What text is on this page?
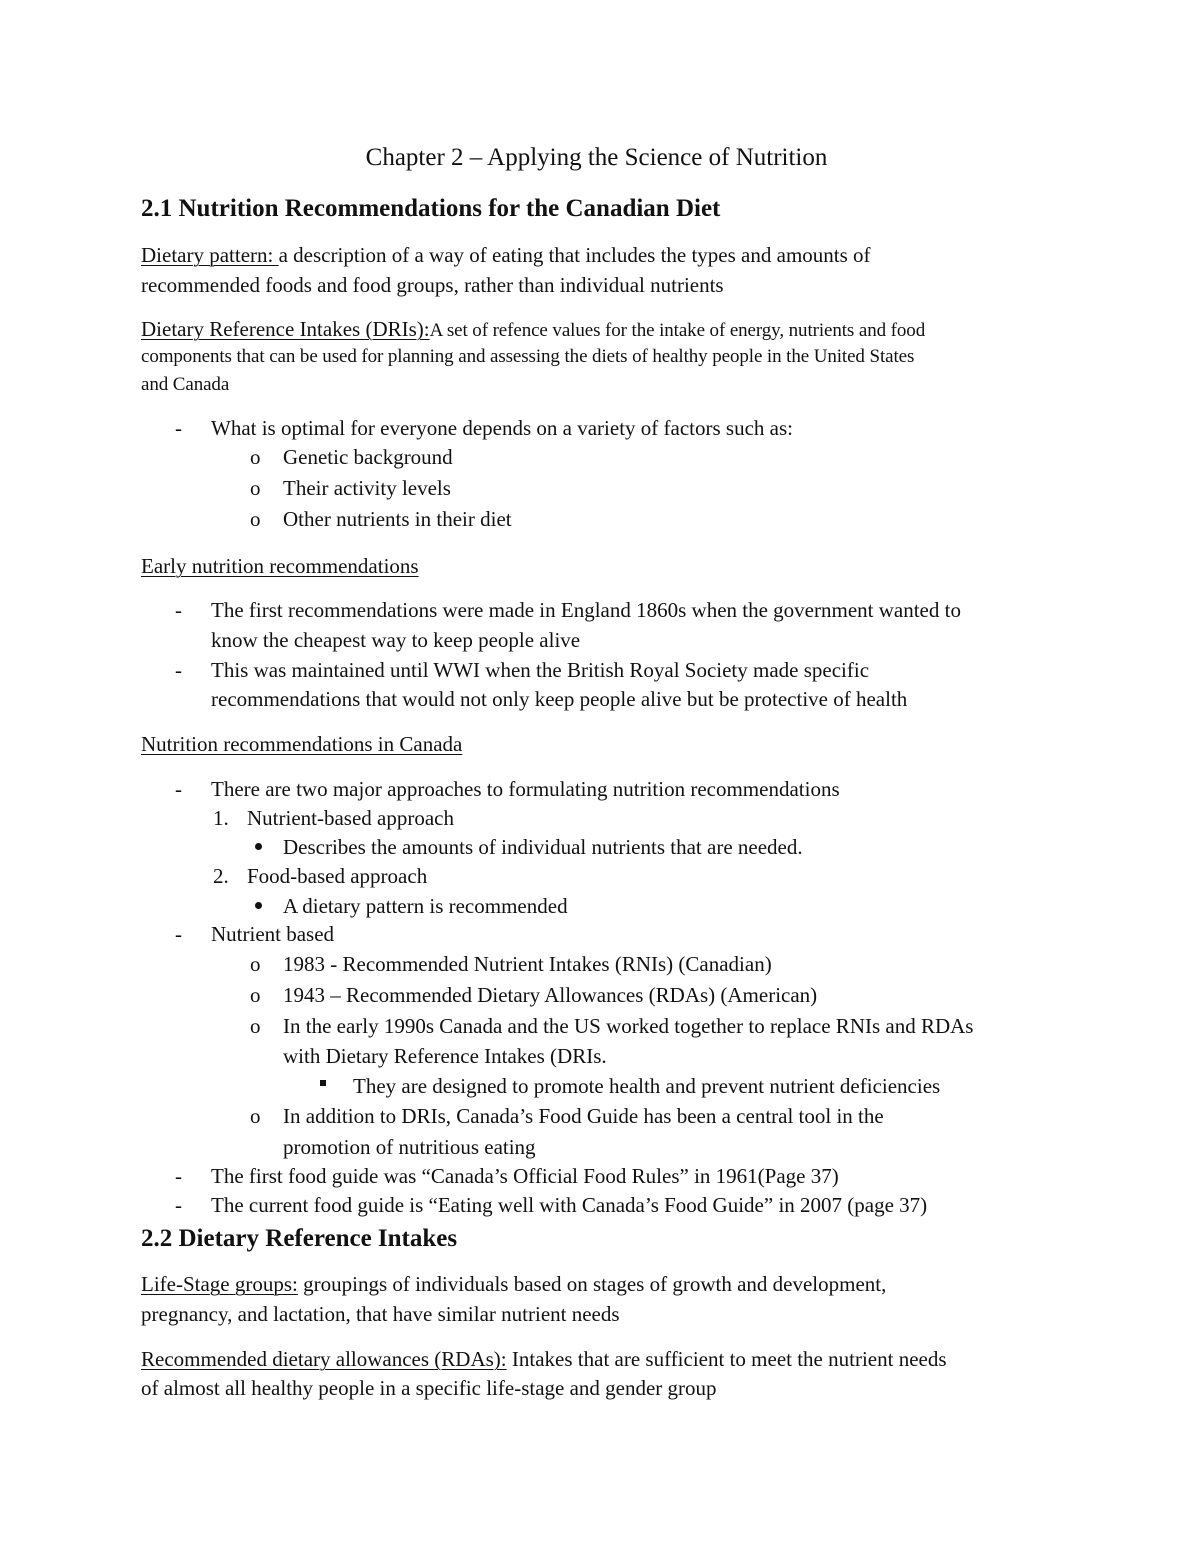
Chapter 2 – Applying the Science of Nutrition
2.1 Nutrition Recommendations for the Canadian Diet
Dietary pattern: a description of a way of eating that includes the types and amounts of
recommended foods and food groups, rather than individual nutrients
Dietary Reference Intakes (DRIs):A set of refence values for the intake of energy, nutrients and food
components that can be used for planning and assessing the diets of healthy people in the United States
and Canada
- What is optimal for everyone depends on a variety of factors such as:
o Genetic background
o Their activity levels
o Other nutrients in their diet
Early nutrition recommendations
- The first recommendations were made in England 1860s when the government wanted to
know the cheapest way to keep people alive
- This was maintained until WWI when the British Royal Society made specific
recommendations that would not only keep people alive but be protective of health
Nutrition recommendations in Canada
- There are two major approaches to formulating nutrition recommendations
1. Nutrient-based approach
Describes the amounts of individual nutrients that are needed.
2. Food-based approach
A dietary pattern is recommended
- Nutrient based
o 1983 - Recommended Nutrient Intakes (RNIs) (Canadian)
o 1943 – Recommended Dietary Allowances (RDAs) (American)
o In the early 1990s Canada and the US worked together to replace RNIs and RDAs
with Dietary Reference Intakes (DRIs.
They are designed to promote health and prevent nutrient deficiencies
o In addition to DRIs, Canada’s Food Guide has been a central tool in the
promotion of nutritious eating
- The first food guide was “Canada’s Official Food Rules” in 1961(Page 37)
- The current food guide is “Eating well with Canada’s Food Guide” in 2007 (page 37)
2.2 Dietary Reference Intakes
Life-Stage groups: groupings of individuals based on stages of growth and development,
pregnancy, and lactation, that have similar nutrient needs
Recommended dietary allowances (RDAs): Intakes that are sufficient to meet the nutrient needs
of almost all healthy people in a specific life-stage and gender group
